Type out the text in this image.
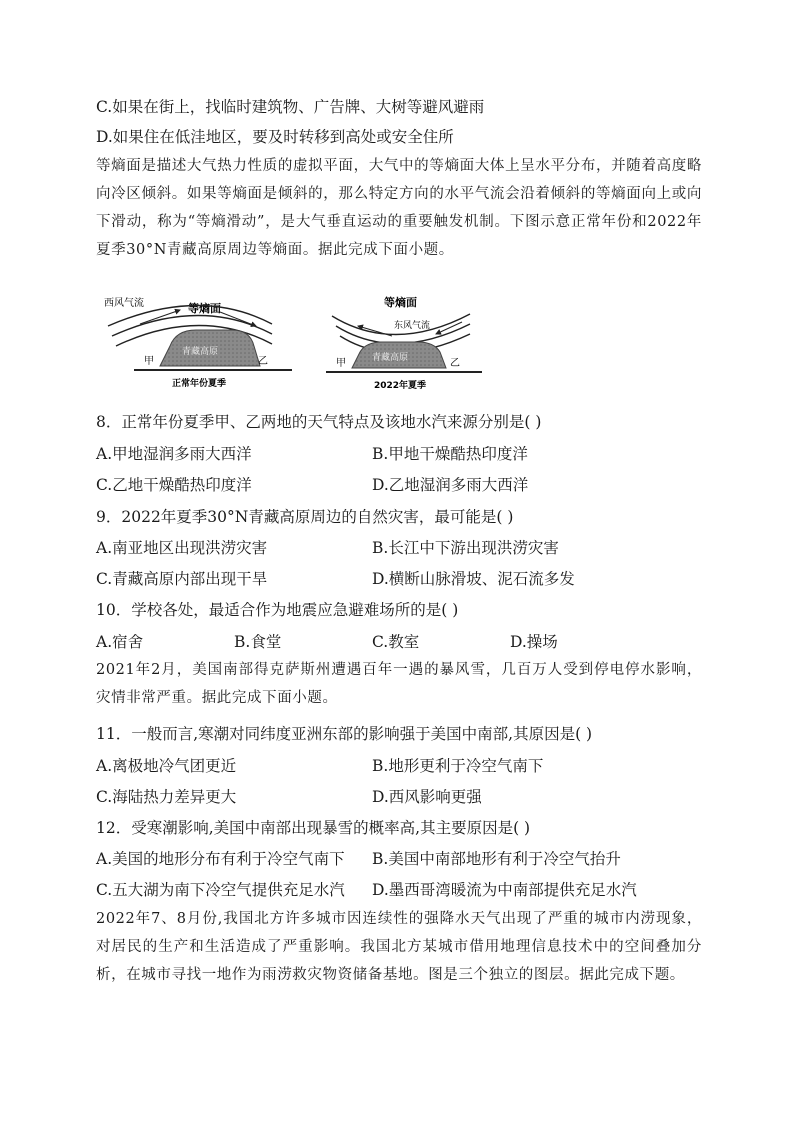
C.如果在街上，找临时建筑物、广告牌、大树等避风避雨
D.如果住在低洼地区，要及时转移到高处或安全住所
等熵面是描述大气热力性质的虚拟平面，大气中的等熵面大体上呈水平分布，并随着高度略向冷区倾斜。如果等熵面是倾斜的，那么特定方向的水平气流会沿着倾斜的等熵面向上或向下滑动，称为“等熵滑动”，是大气垂直运动的重要触发机制。下图示意正常年份和2022年夏季30°N青藏高原周边等熵面。据此完成下面小题。
西风气流	等熵面
青藏高原
甲	乙
正常年份夏季
等熵面
东风气流
青藏高原
甲	乙
2022年夏季
8．正常年份夏季甲、乙两地的天气特点及该地水汽来源分别是( )
A.甲地湿润多雨大西洋	B.甲地干燥酷热印度洋
C.乙地干燥酷热印度洋	D.乙地湿润多雨大西洋
9．2022年夏季30°N青藏高原周边的自然灾害，最可能是( )
A.南亚地区出现洪涝灾害	B.长江中下游出现洪涝灾害
C.青藏高原内部出现干旱	D.横断山脉滑坡、泥石流多发
10．学校各处，最适合作为地震应急避难场所的是( )
A.宿舍	B.食堂	C.教室	D.操场
2021年2月，美国南部得克萨斯州遭遇百年一遇的暴风雪，几百万人受到停电停水影响，灾情非常严重。据此完成下面小题。
11．一般而言,寒潮对同纬度亚洲东部的影响强于美国中南部,其原因是( )
A.离极地冷气团更近	B.地形更利于冷空气南下
C.海陆热力差异更大	D.西风影响更强
12．受寒潮影响,美国中南部出现暴雪的概率高,其主要原因是( )
A.美国的地形分布有利于冷空气南下 B.美国中南部地形有利于冷空气抬升
C.五大湖为南下冷空气提供充足水汽 D.墨西哥湾暖流为中南部提供充足水汽
2022年7、8月份,我国北方许多城市因连续性的强降水天气出现了严重的城市内涝现象，对居民的生产和生活造成了严重影响。我国北方某城市借用地理信息技术中的空间叠加分析，在城市寻找一地作为雨涝救灾物资储备基地。图是三个独立的图层。据此完成下题。
